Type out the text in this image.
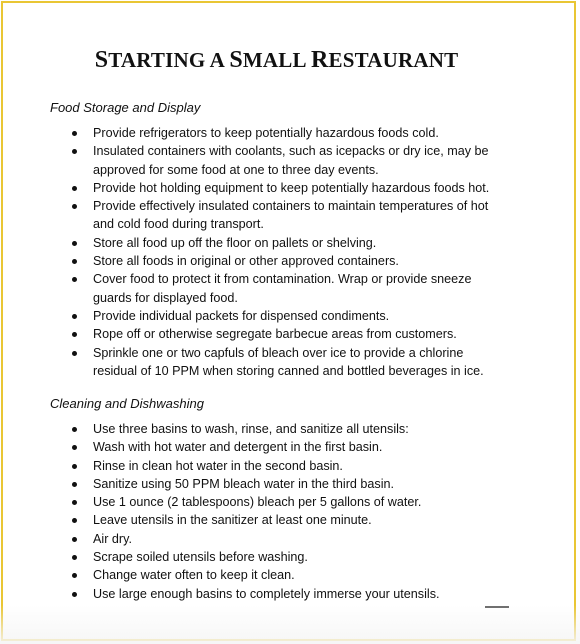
STARTING A SMALL RESTAURANT
Food Storage and Display
Provide refrigerators to keep potentially hazardous foods cold.
Insulated containers with coolants, such as icepacks or dry ice, may be
approved for some food at one to three day events.
Provide hot holding equipment to keep potentially hazardous foods hot.
Provide effectively insulated containers to maintain temperatures of hot
and cold food during transport.
Store all food up off the floor on pallets or shelving.
Store all foods in original or other approved containers.
Cover food to protect it from contamination. Wrap or provide sneeze
guards for displayed food.
Provide individual packets for dispensed condiments.
Rope off or otherwise segregate barbecue areas from customers.
Sprinkle one or two capfuls of bleach over ice to provide a chlorine
residual of 10 PPM when storing canned and bottled beverages in ice.
Cleaning and Dishwashing
Use three basins to wash, rinse, and sanitize all utensils:
Wash with hot water and detergent in the first basin.
Rinse in clean hot water in the second basin.
Sanitize using 50 PPM bleach water in the third basin.
Use 1 ounce (2 tablespoons) bleach per 5 gallons of water.
Leave utensils in the sanitizer at least one minute.
Air dry.
Scrape soiled utensils before washing.
Change water often to keep it clean.
Use large enough basins to completely immerse your utensils.
